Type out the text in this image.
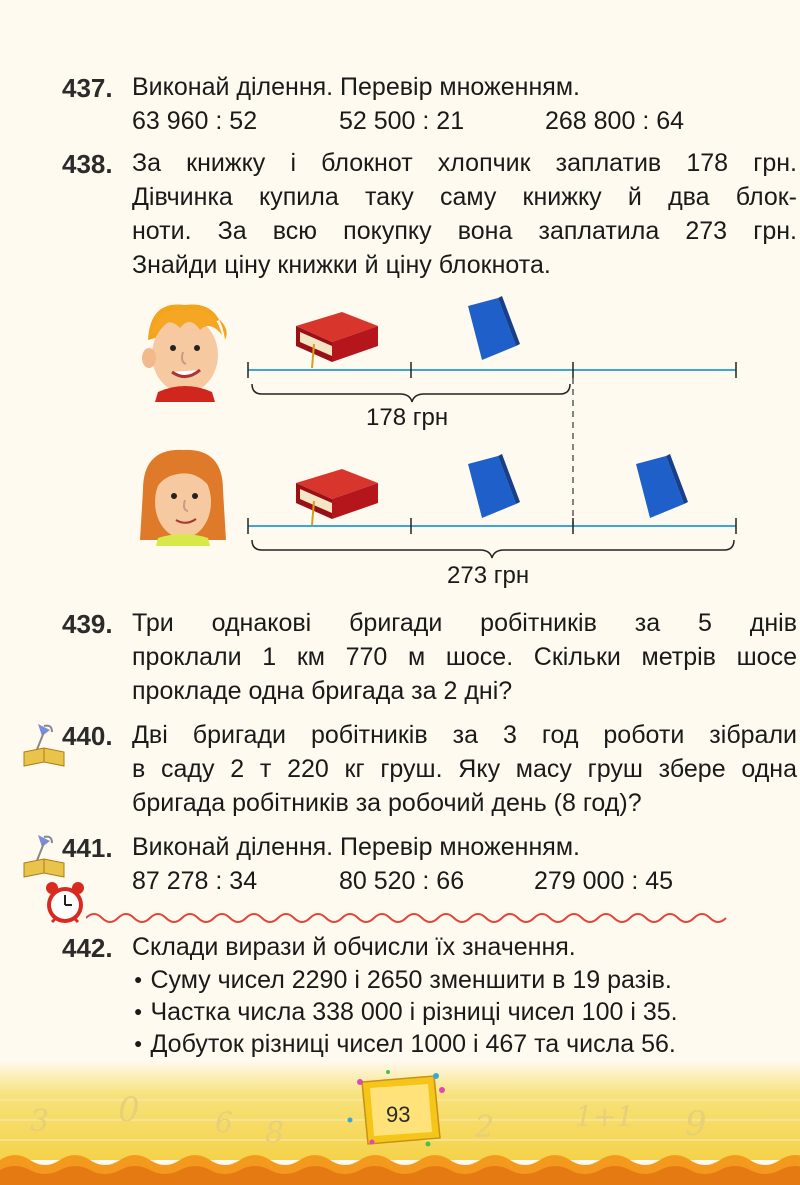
437. Виконай ділення. Перевір множенням.
63 960 : 52	52 500 : 21	268 800 : 64
438. За книжку і блокнот хлопчик заплатив 178 грн.
Дівчинка купила таку саму книжку й два блок-
ноти. За всю покупку вона заплатила 273 грн.
Знайди ціну книжки й ціну блокнота.
178 грн
273 грн
439. Три однакові бригади робітників за 5 днів
проклали 1 км 770 м шосе. Скільки метрів шосе
прокладе одна бригада за 2 дні?
440. Дві бригади робітників за 3 год роботи зібрали
в саду 2 т 220 кг груш. Яку масу груш збере одна
бригада робітників за робочий день (8 год)?
441. Виконай ділення. Перевір множенням.
87 278 : 34	80 520 : 66	279 000 : 45
442. Склади вирази й обчисли їх значення.
● Суму чисел 2290 і 2650 зменшити в 19 разів.
● Частка числа 338 000 і різниці чисел 100 і 35.
● Добуток різниці чисел 1000 і 467 та числа 56.
3 0	6 8	2	1+1 9
93
